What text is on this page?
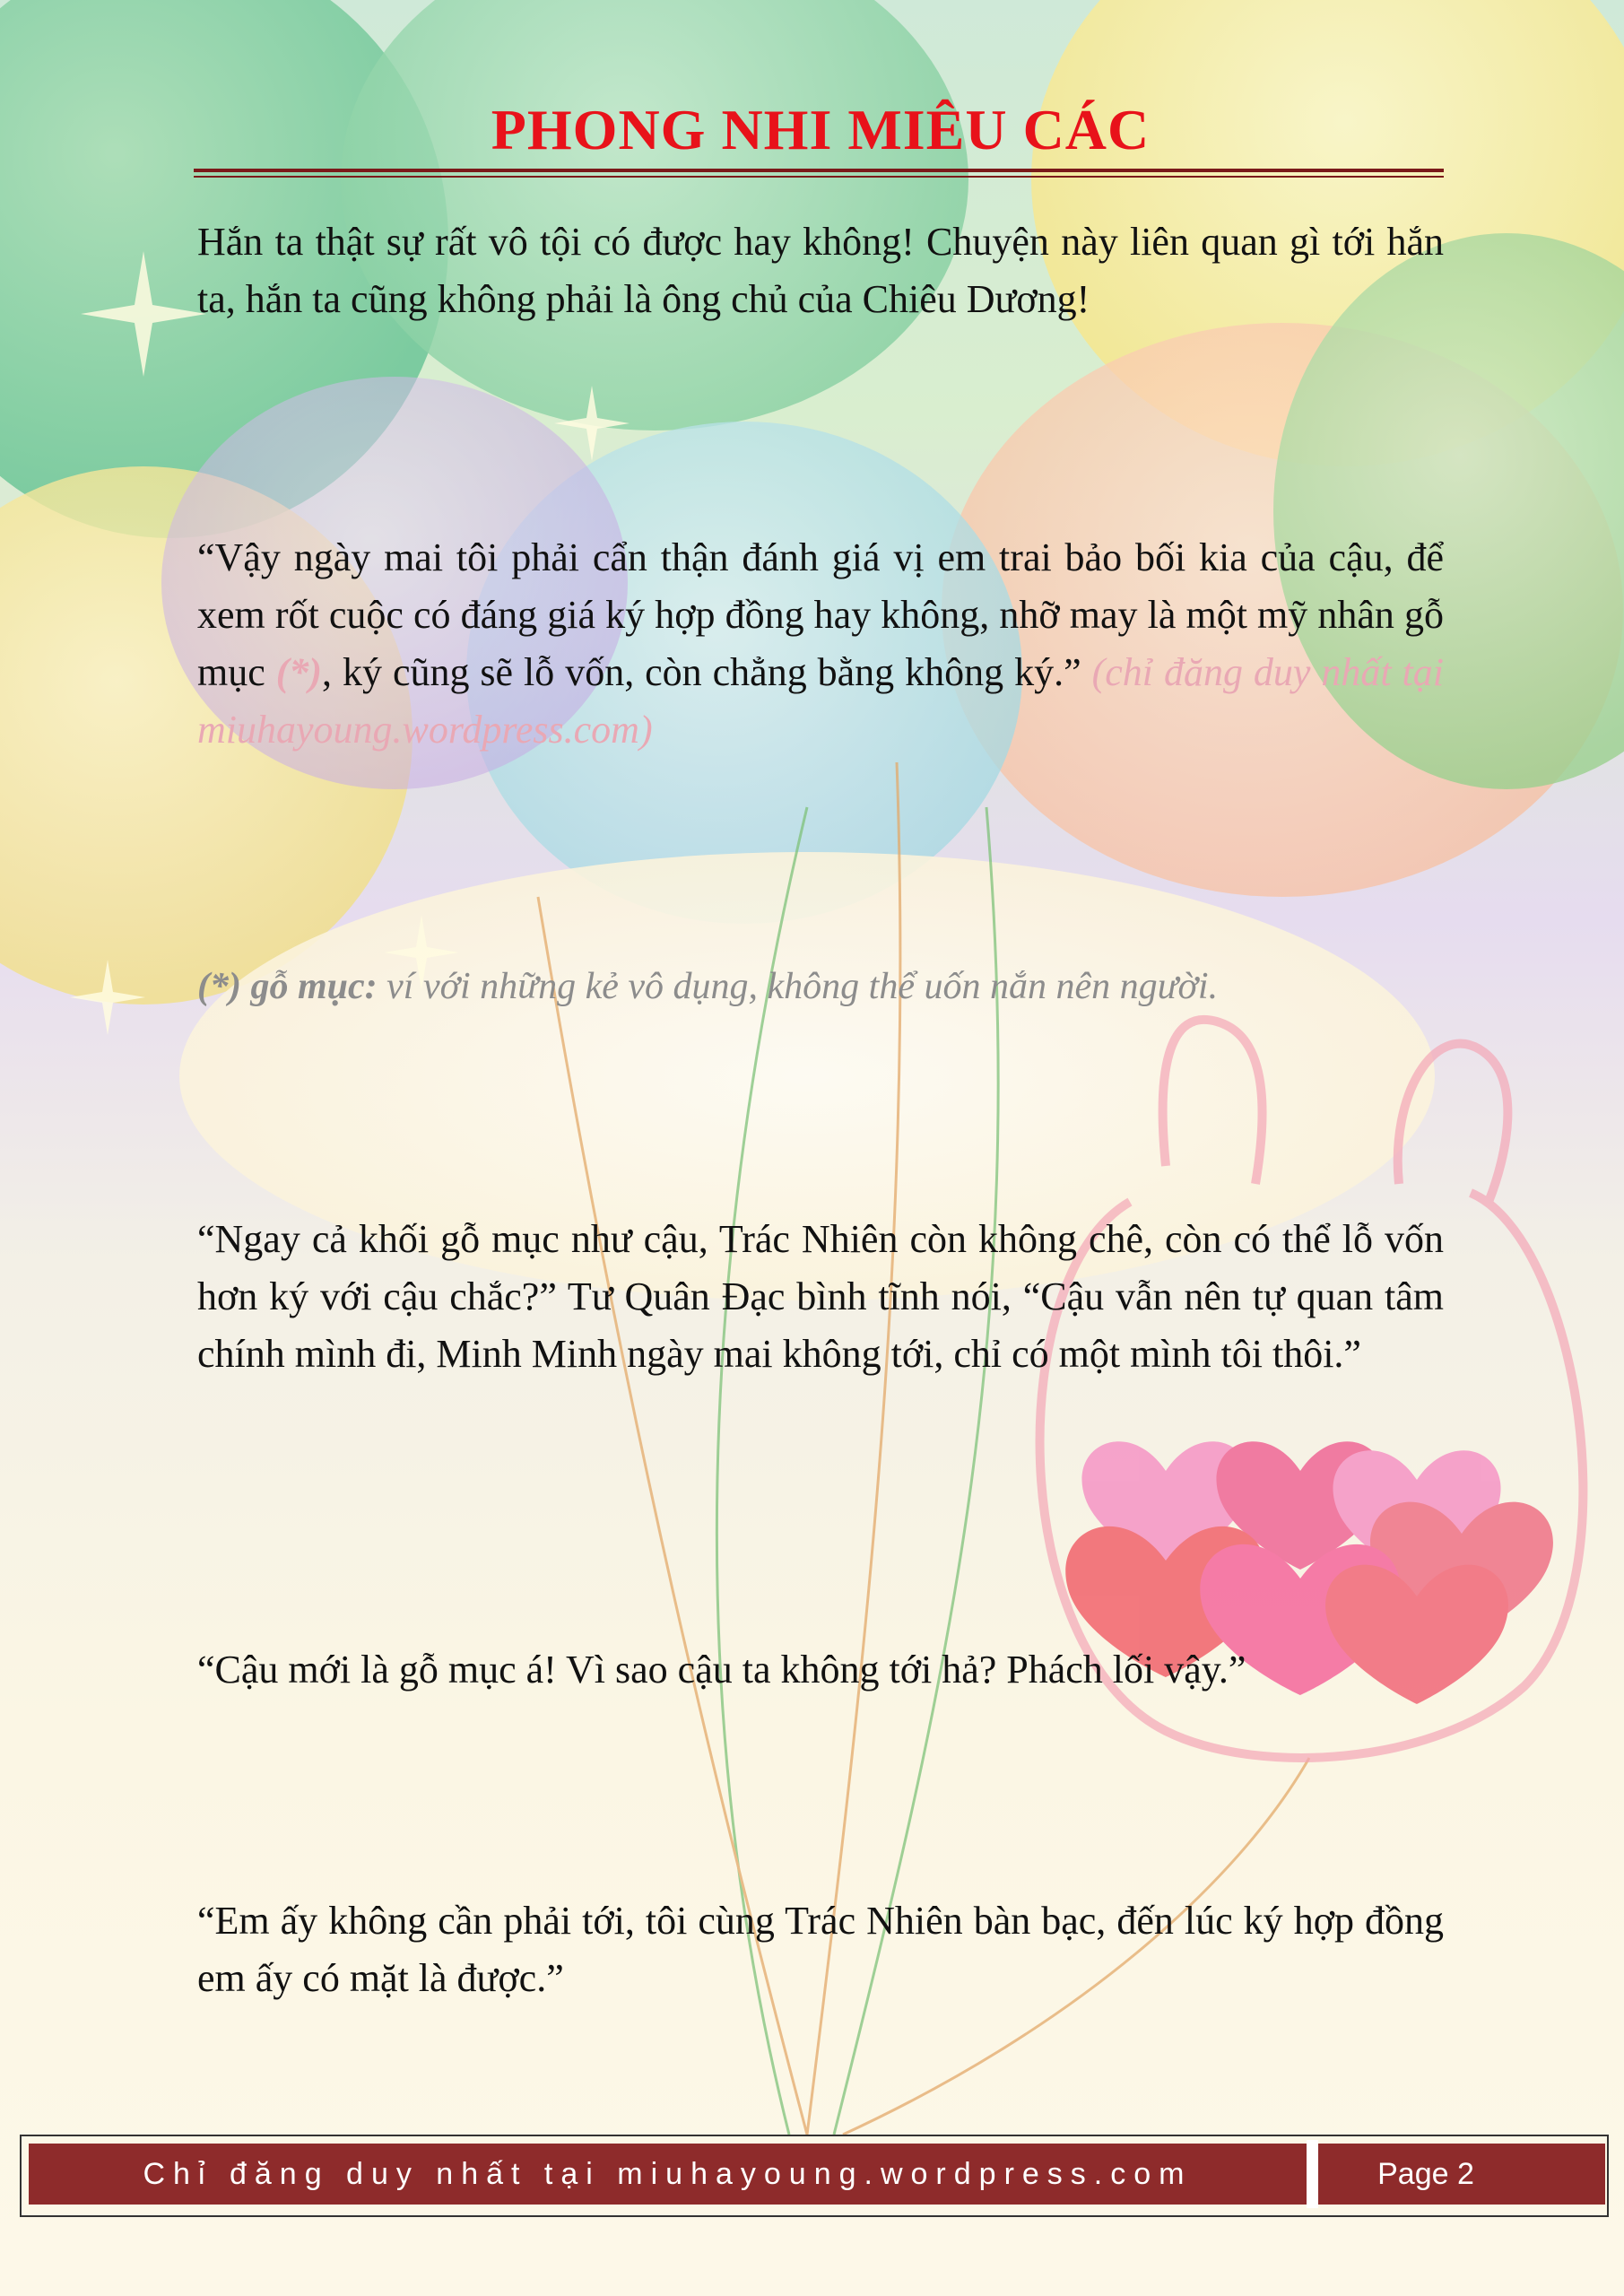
PHONG NHI MIÊU CÁC

Hắn ta thật sự rất vô tội có được hay không! Chuyện này liên quan gì tới hắn ta, hắn ta cũng không phải là ông chủ của Chiêu Dương!

“Vậy ngày mai tôi phải cẩn thận đánh giá vị em trai bảo bối kia của cậu, để xem rốt cuộc có đáng giá ký hợp đồng hay không, nhỡ may là một mỹ nhân gỗ mục (*), ký cũng sẽ lỗ vốn, còn chẳng bằng không ký.” (chỉ đăng duy nhất tại miuhayoung.wordpress.com)

(*) gỗ mục: ví với những kẻ vô dụng, không thể uốn nắn nên người.

“Ngay cả khối gỗ mục như cậu, Trác Nhiên còn không chê, còn có thể lỗ vốn hơn ký với cậu chắc?” Tư Quân Đạc bình tĩnh nói, “Cậu vẫn nên tự quan tâm chính mình đi, Minh Minh ngày mai không tới, chỉ có một mình tôi thôi.”

“Cậu mới là gỗ mục á! Vì sao cậu ta không tới hả? Phách lối vậy.”

“Em ấy không cần phải tới, tôi cùng Trác Nhiên bàn bạc, đến lúc ký hợp đồng em ấy có mặt là được.”

Chỉ đăng duy nhất tại miuhayoung.wordpress.com	Page 2
